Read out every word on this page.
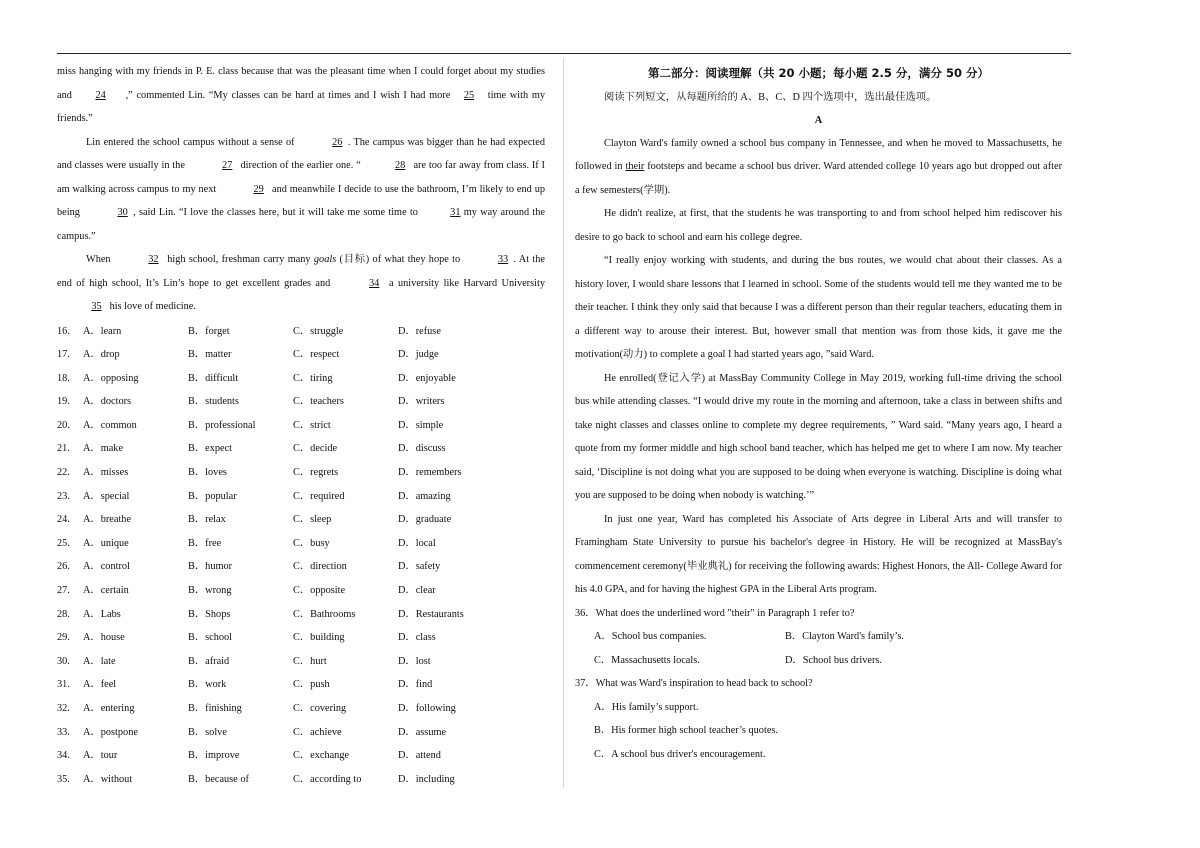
miss hanging with my friends in P. E. class because that was the pleasant time when I could forget about my studies and 24 ,” commented Lin. “My classes can be hard at times and I wish I had more 25 time with my friends.”

Lin entered the school campus without a sense of	26 . The campus was bigger than he had expected and classes were usually in the	27 direction of the earlier one. “	28 are too far away from class. If I am walking across campus to my next	29 and meanwhile I decide to use the bathroom, I’m likely to end up being	30 , said Lin. “I love the classes here, but it will take me some time to	31 my way around the campus.”

When	32 high school, freshman carry many goals (目标) of what they hope to	33 . At the end of high school, It’s Lin’s hope to get excellent grades and	34 a university like Harvard University 35 his love of medicine.

16.	A．learn	B．forget	C．struggle	D．refuse
17.	A．drop	B．matter	C．respect	D．judge
18.	A．opposing	B．difficult	C．tiring	D．enjoyable
19.	A．doctors	B．students	C．teachers	D．writers
20.	A．common	B．professional	C．strict	D．simple
21.	A．make	B．expect	C．decide	D．discuss
22.	A．misses	B．loves	C．regrets	D．remembers
23.	A．special	B．popular	C．required	D．amazing
24.	A．breathe	B．relax	C．sleep	D．graduate
25.	A．unique	B．free	C．busy	D．local
26.	A．control	B．humor	C．direction	D．safety
27.	A．certain	B．wrong	C．opposite	D．clear
28.	A．Labs	B．Shops	C．Bathrooms	D．Restaurants
29.	A．house	B．school	C．building	D．class
30.	A．late	B．afraid	C．hurt	D．lost
31.	A．feel	B．work	C．push	D．find
32.	A．entering	B．finishing	C．covering	D．following
33.	A．postpone	B．solve	C．achieve	D．assume
34.	A．tour	B．improve	C．exchange	D．attend
35.	A．without	B．because of	C．according to	D．including
第二部分：阅读理解（共 20 小题；每小题 2.5 分，满分 50 分）

阅读下列短文，从每题所给的 A、B、C、D 四个选项中，选出最佳选项。

A

Clayton Ward's family owned a school bus company in Tennessee, and when he moved to Massachusetts, he followed in their footsteps and became a school bus driver. Ward attended college 10 years ago but dropped out after a few semesters(学期).

He didn't realize, at first, that the students he was transporting to and from school helped him rediscover his desire to go back to school and earn his college degree.

“I really enjoy working with students, and during the bus routes, we would chat about their classes. As a history lover, I would share lessons that I learned in school. Some of the students would tell me they wanted me to be their teacher. I think they only said that because I was a different person than their regular teachers, educating them in a different way to arouse their interest. But, however small that mention was from those kids, it gave me the motivation(动力) to complete a goal I had started years ago, ”said Ward.

He enrolled(登记入学) at MassBay Community College in May 2019, working full-time driving the school bus while attending classes. “I would drive my route in the morning and afternoon, take a class in between shifts and take night classes and classes online to complete my degree requirements, ” Ward said. “Many years ago, I heard a quote from my former middle and high school band teacher, which has helped me get to where I am now. My teacher said, ‘Discipline is not doing what you are supposed to be doing when everyone is watching. Discipline is doing what you are supposed to be doing when nobody is watching.’”

In just one year, Ward has completed his Associate of Arts degree in Liberal Arts and will transfer to Framingham State University to pursue his bachelor's degree in History. He will be recognized at MassBay's commencement ceremony(毕业典礼) for receiving the following awards: Highest Honors, the All- College Award for his 4.0 GPA, and for having the highest GPA in the Liberal Arts program.

36．What does the underlined word "their" in Paragraph 1 refer to?
A．School bus companies.	B．Clayton Ward's family’s.
C．Massachusetts locals.	D．School bus drivers.
37．What was Ward's inspiration to head back to school?
A．His family’s support.
B．His former high school teacher’s quotes.
C．A school bus driver's encouragement.
